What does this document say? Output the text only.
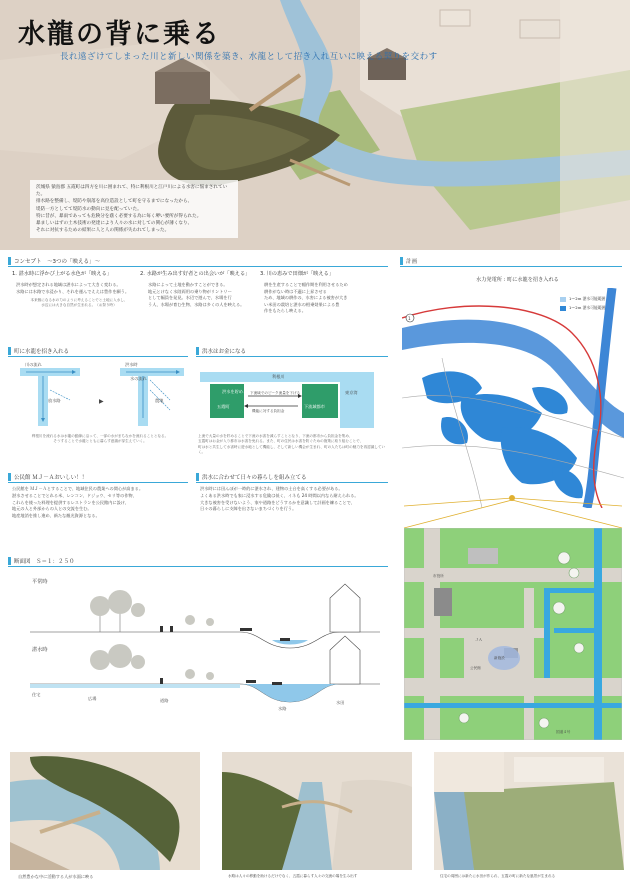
水龍の背に乗る
長れ遠ざけてしまった川と新しい関係を築き、水龍として招き入れ互いに映える契りを交わす

茨城県 猿島郡 五霞町は四方を川に囲まれて、特に利根川と江戸川による水害に悩まされていた。
排水路を整備し、堤防や崩落を高位造設として町を守るまでになったから、
堤防一方としてて堤防水の動向に見を配っていた。
特に昔が、暴雨であっても危険分を蔭く必要する為に毎く堺い要所が得られた。
暴ましいはずの土木技術の発達により人々の水に対しての関心が薄くなり、
それに対抗するための結果に人と人の関係が失われてしまった。

コンセプト　～3つの「映える」～
1. 湛水時に浮かび上がる水色が「映える」
洪水時が想定される地域は湛水によって大きく変わる。
水路には水路で水浸かり、それを運んでええは豊作を願う。
本来個になる水の力のように考えることでと土地に入水し、
水辺には大きな自然が生まれる。（お祭り時）
2. 水路が生み出す好者との出会いが「映える」
水路によって土地を動かすことができる。
地元とけなく水陸両用の乗り物がリントリー
として幅員を発見。水辺で遊んで、水場を行
う人、水場が育む生物、水路は多くの人を映える。
3. 川の恵みで田畑が「映える」
耕を生産することで稲作期を利用させるため
耕作がない時は不適に上昇させる
ため、地域の耕作の、水害による被害が大き
い米田の栽培と湛水の相乗効果による豊
作をもたらし映える。
町に水龍を招き入れる
川の流れ	洪水時
水の流れ
放水路	農地
▶
利根川を流れる水は水龍の動線に沿って、一部の水がまちなかを流れることとなる。
そうすることで水龍とともに暮らす意識が芽生えていく。
洪水はお金になる
利根川
東京湾
五霞町	下流域都市
洪水を貯める 下流域でのピーク流量を下げる
機能に対する負担金
上流で大量の水を貯めることで下流の水害を減らすこととなり、下流の都市から負担金を集め、
五霞町はお金が入り都市は水害を免れる。また、町の住民は水害を防ぐための施策に取り組むことで、
町は水と共生して水害時に遊水地として機能し、そして新しい機会が生まれ、町の人たちは町の魅力を再認識していく。
公民館 ＭＪ－Ａおいしい！！
公民館を ＭＪ－Ａとすることで、地域住民の農業への関心が高まる。
湛水させることでとれる米、レンコン、ドジョウ、セリ等の作物、
これらを使った料理を提供するレストランを公民館内に設け、
地元の人と外部からの人との交流を生む。
地産地消を推し進め、新たな観光資源となる。
洪水に合わせて日々の暮らしを組み立てる
洪水時には田んぼが一時的に湛水され、建物の土台を高くする必要がある。
よくある洪水時でも家に浸水する危険は低く、イネも 24 時間以内なら耐えられる。
大きな被害を受けないよう、家や道路をどうするかを意識して計画を練ることで、
日々の暮らしに支障を出さないまちづくりを行う。
計画
水力発電所 : 町に水龍を招き入れる
1
1～2ｍ 湛水可能範囲
1～2ｍ 湛水可能範囲
市役所
ＪＡ
新施設
公民館
国道４号
断面図　Ｓ＝１：２５０
平常時
湛水時
住宅
広場	道路
水路
水田
自然豊かな中に活動する人が水面に映る	水路は人々の移動を助けるだけでなく、五霞に暮らす人々の交流の場を生み出す	住宅の周囲には新たに水田が作られ、五霞の町に新たな風景が生まれる
